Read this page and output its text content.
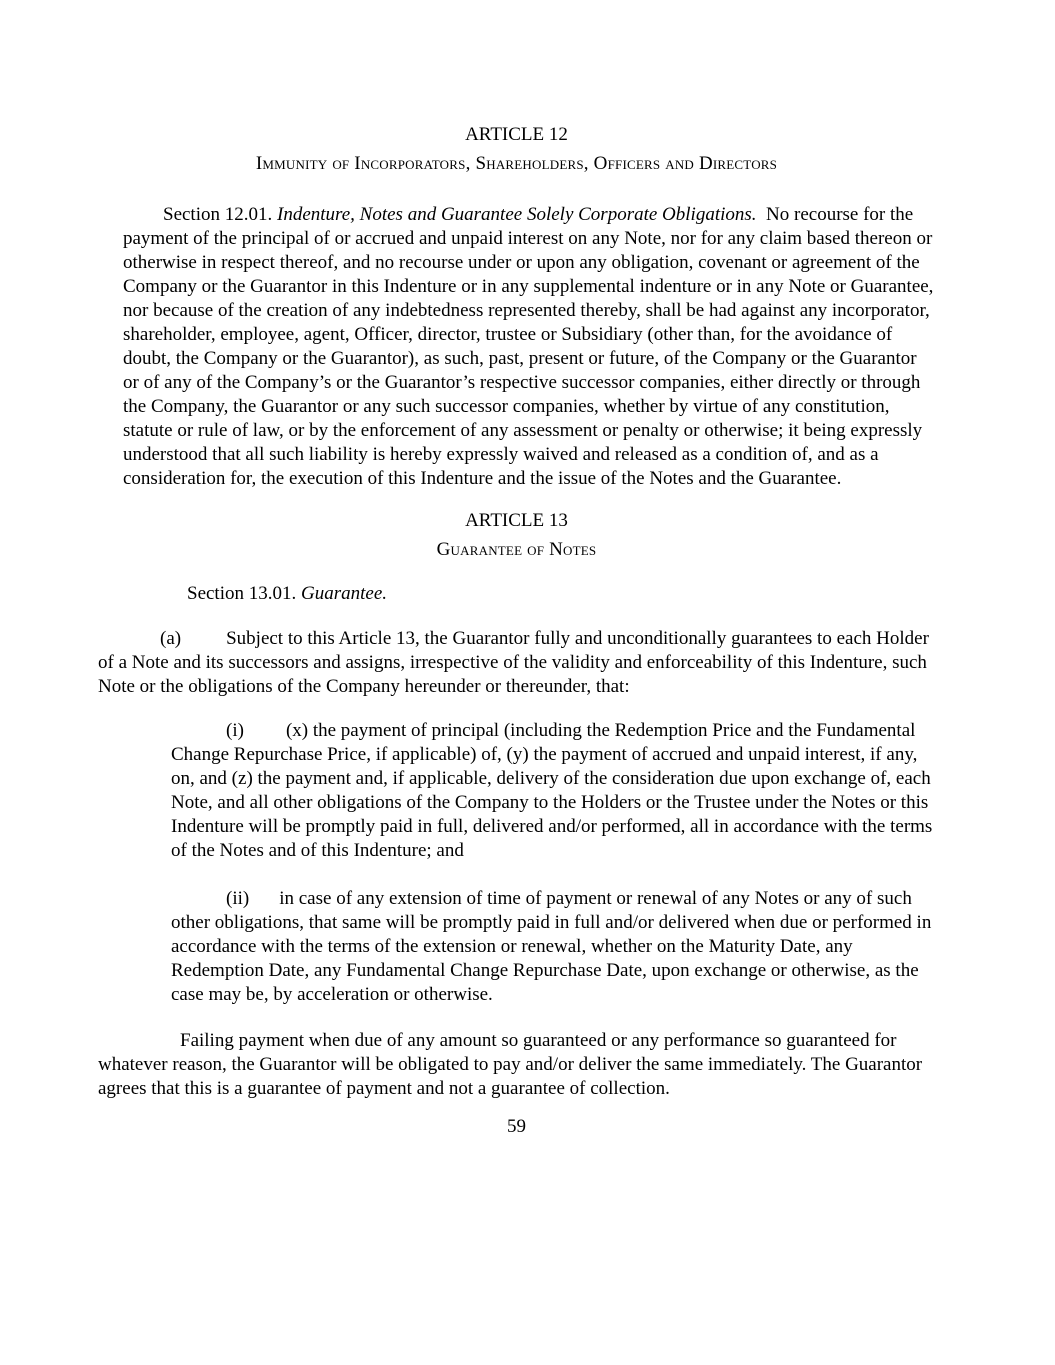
ARTICLE 12
Immunity of Incorporators, Shareholders, Officers and Directors

Section 12.01. Indenture, Notes and Guarantee Solely Corporate Obligations.  No recourse for the payment of the principal of or accrued and unpaid interest on any Note, nor for any claim based thereon or otherwise in respect thereof, and no recourse under or upon any obligation, covenant or agreement of the Company or the Guarantor in this Indenture or in any supplemental indenture or in any Note or Guarantee, nor because of the creation of any indebtedness represented thereby, shall be had against any incorporator, shareholder, employee, agent, Officer, director, trustee or Subsidiary (other than, for the avoidance of doubt, the Company or the Guarantor), as such, past, present or future, of the Company or the Guarantor or of any of the Company’s or the Guarantor’s respective successor companies, either directly or through the Company, the Guarantor or any such successor companies, whether by virtue of any constitution, statute or rule of law, or by the enforcement of any assessment or penalty or otherwise; it being expressly understood that all such liability is hereby expressly waived and released as a condition of, and as a consideration for, the execution of this Indenture and the issue of the Notes and the Guarantee.

ARTICLE 13
Guarantee of Notes

Section 13.01. Guarantee.

(a) Subject to this Article 13, the Guarantor fully and unconditionally guarantees to each Holder of a Note and its successors and assigns, irrespective of the validity and enforceability of this Indenture, such Note or the obligations of the Company hereunder or thereunder, that:

(i) (x) the payment of principal (including the Redemption Price and the Fundamental Change Repurchase Price, if applicable) of, (y) the payment of accrued and unpaid interest, if any, on, and (z) the payment and, if applicable, delivery of the consideration due upon exchange of, each Note, and all other obligations of the Company to the Holders or the Trustee under the Notes or this Indenture will be promptly paid in full, delivered and/or performed, all in accordance with the terms of the Notes and of this Indenture; and

(ii) in case of any extension of time of payment or renewal of any Notes or any of such other obligations, that same will be promptly paid in full and/or delivered when due or performed in accordance with the terms of the extension or renewal, whether on the Maturity Date, any Redemption Date, any Fundamental Change Repurchase Date, upon exchange or otherwise, as the case may be, by acceleration or otherwise.

Failing payment when due of any amount so guaranteed or any performance so guaranteed for whatever reason, the Guarantor will be obligated to pay and/or deliver the same immediately. The Guarantor agrees that this is a guarantee of payment and not a guarantee of collection.

59
